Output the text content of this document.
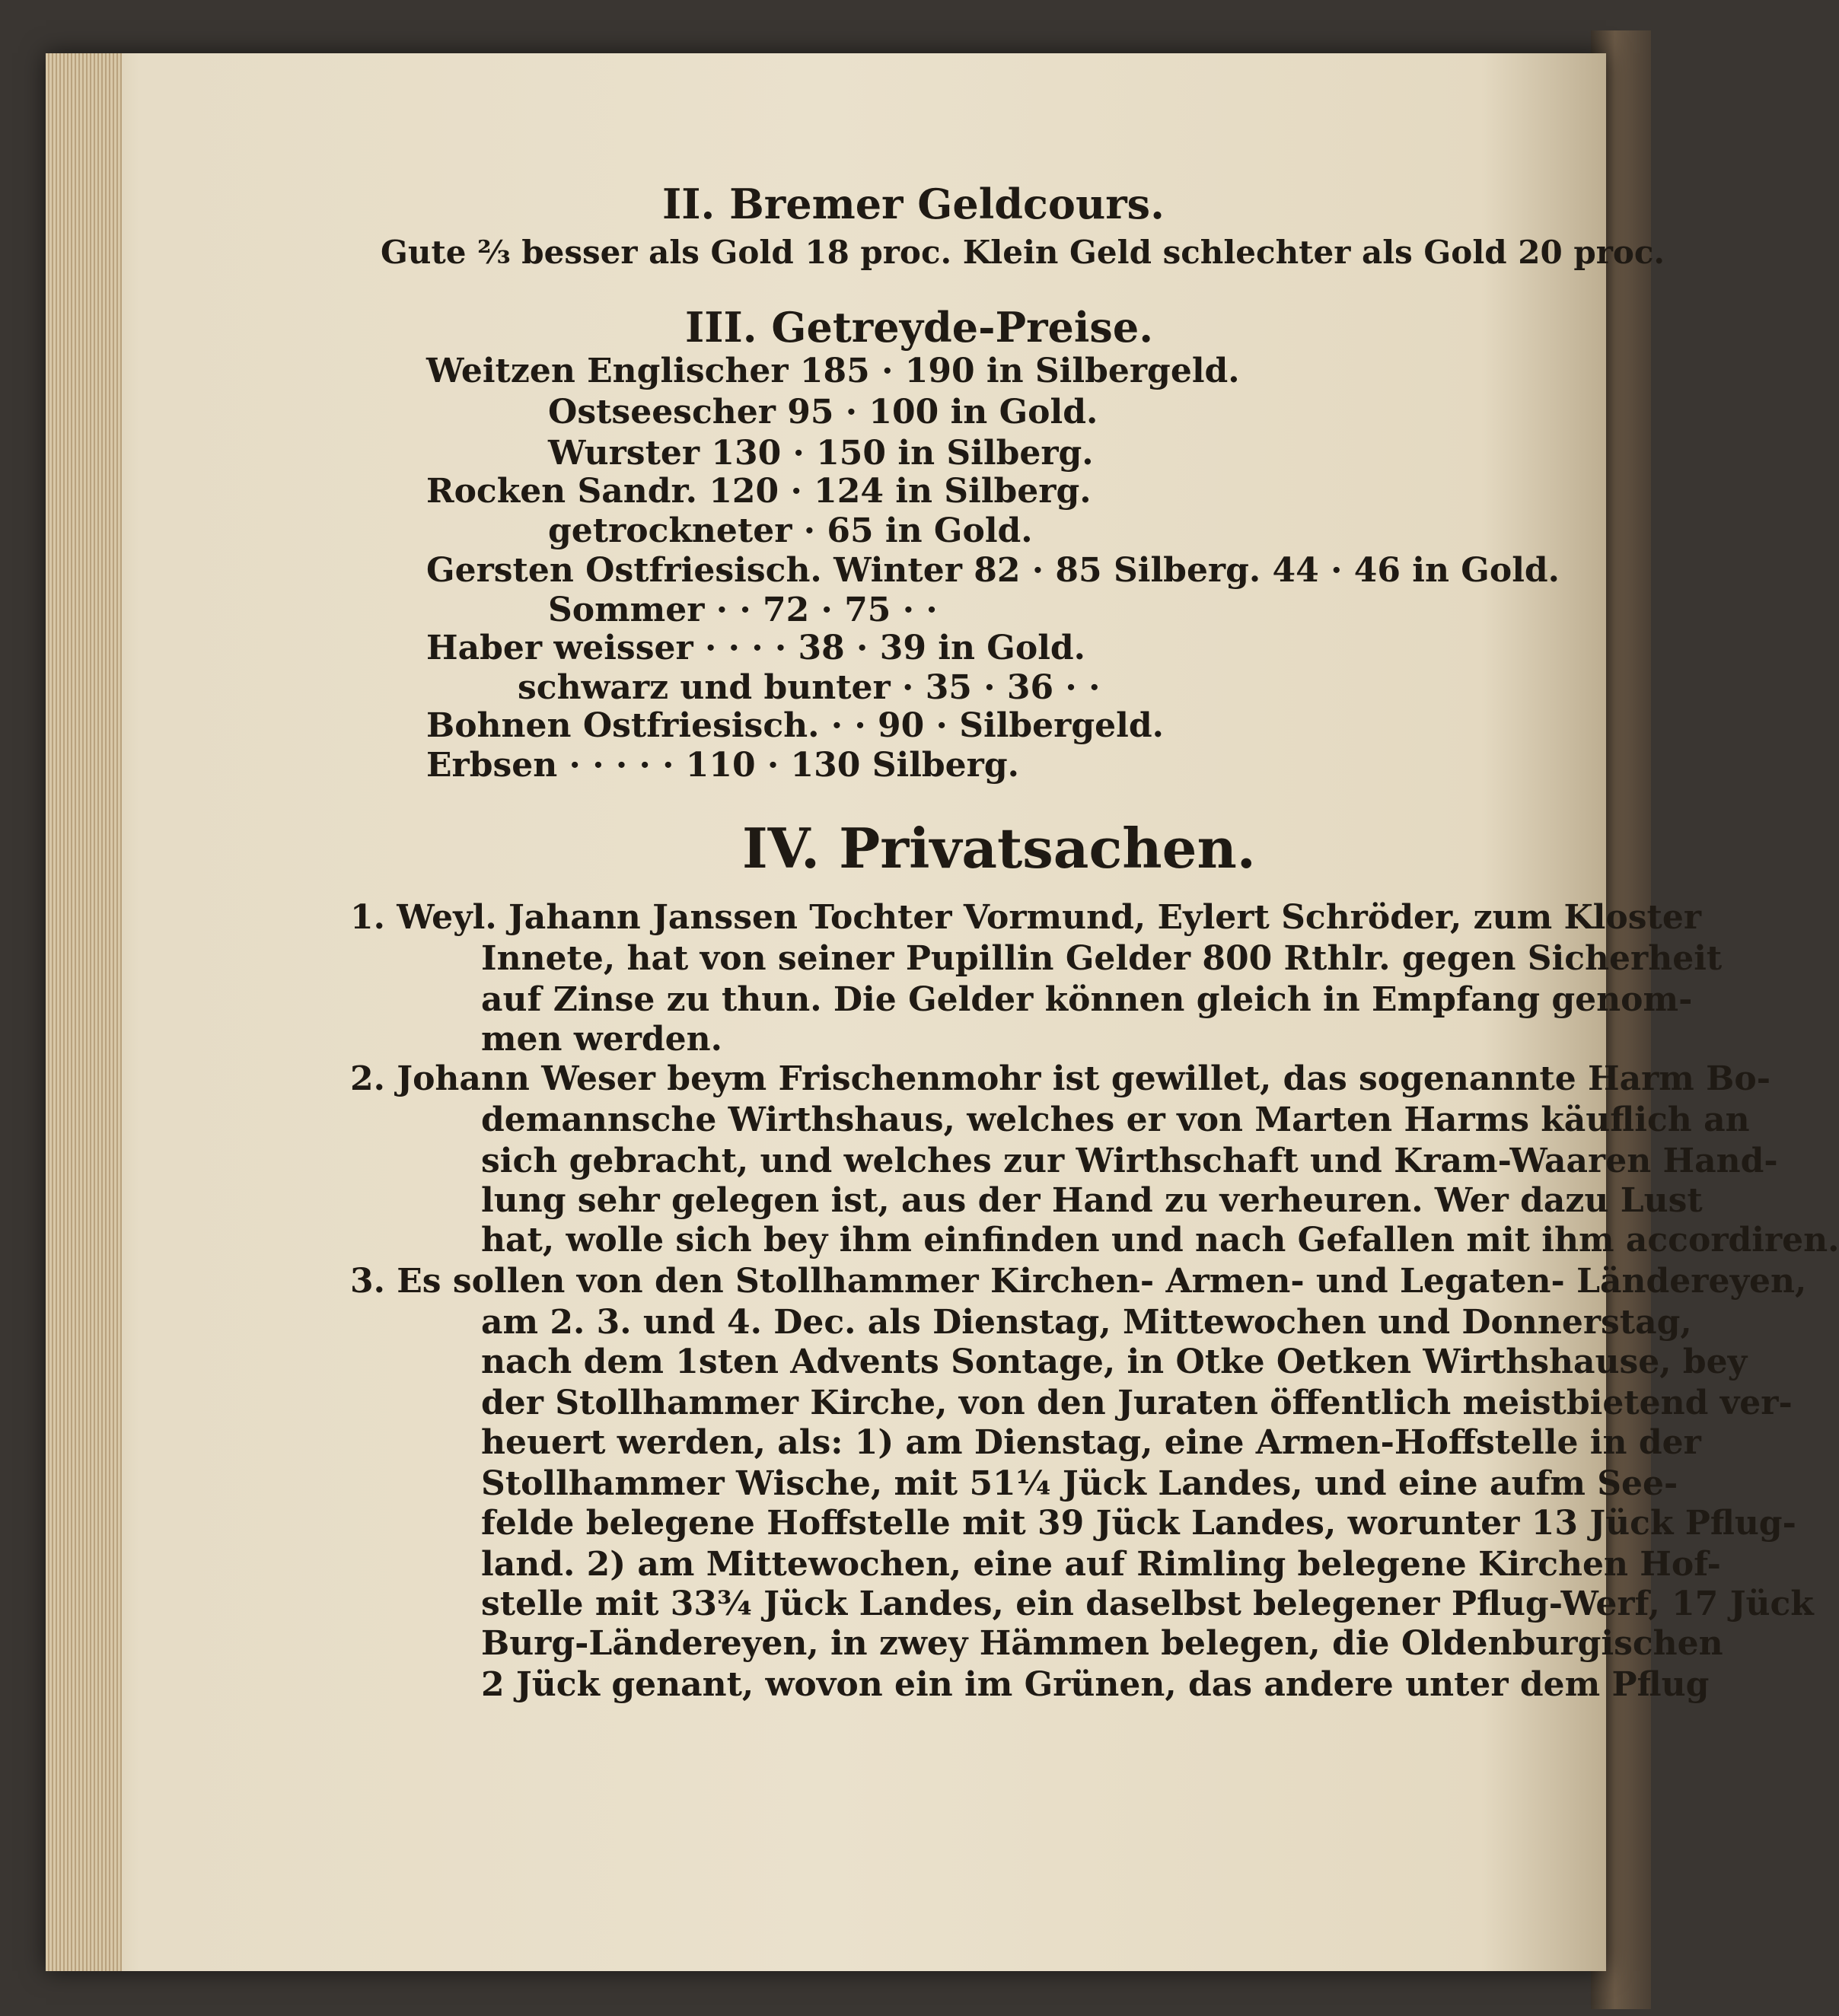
II. Bremer Geldcours.
Gute ⅔ besser als Gold 18 proc. Klein Geld schlechter als Gold 20 proc.
III. Getreyde-Preise.
Weitzen Englischer 185 · 190 in Silbergeld.
Ostseescher 95 · 100 in Gold.
Wurster 130 · 150 in Silberg.
Rocken Sandr. 120 · 124 in Silberg.
getrockneter · 65 in Gold.
Gersten Ostfriesisch. Winter 82 · 85 Silberg. 44 · 46 in Gold.
Sommer · · 72 · 75 · ·
Haber weisser · · · · 38 · 39 in Gold.
schwarz und bunter · 35 · 36 · ·
Bohnen Ostfriesisch. · · 90 · Silbergeld.
Erbsen · · · · · 110 · 130 Silberg.
IV. Privatsachen.
1. Weyl. Jahann Janssen Tochter Vormund, Eylert Schröder, zum Kloster
Innete, hat von seiner Pupillin Gelder 800 Rthlr. gegen Sicherheit
auf Zinse zu thun. Die Gelder können gleich in Empfang genom-
men werden.
2. Johann Weser beym Frischenmohr ist gewillet, das sogenannte Harm Bo-
demannsche Wirthshaus, welches er von Marten Harms käuflich an
sich gebracht, und welches zur Wirthschaft und Kram-Waaren Hand-
lung sehr gelegen ist, aus der Hand zu verheuren. Wer dazu Lust
hat, wolle sich bey ihm einfinden und nach Gefallen mit ihm accordiren.
3. Es sollen von den Stollhammer Kirchen- Armen- und Legaten- Ländereyen,
am 2. 3. und 4. Dec. als Dienstag, Mittewochen und Donnerstag,
nach dem 1sten Advents Sontage, in Otke Oetken Wirthshause, bey
der Stollhammer Kirche, von den Juraten öffentlich meistbietend ver-
heuert werden, als: 1) am Dienstag, eine Armen-Hoffstelle in der
Stollhammer Wische, mit 51¼ Jück Landes, und eine aufm See-
felde belegene Hoffstelle mit 39 Jück Landes, worunter 13 Jück Pflug-
land. 2) am Mittewochen, eine auf Rimling belegene Kirchen Hof-
stelle mit 33¾ Jück Landes, ein daselbst belegener Pflug-Werf, 17 Jück
Burg-Ländereyen, in zwey Hämmen belegen, die Oldenburgischen
2 Jück genant, wovon ein im Grünen, das andere unter dem Pflug
